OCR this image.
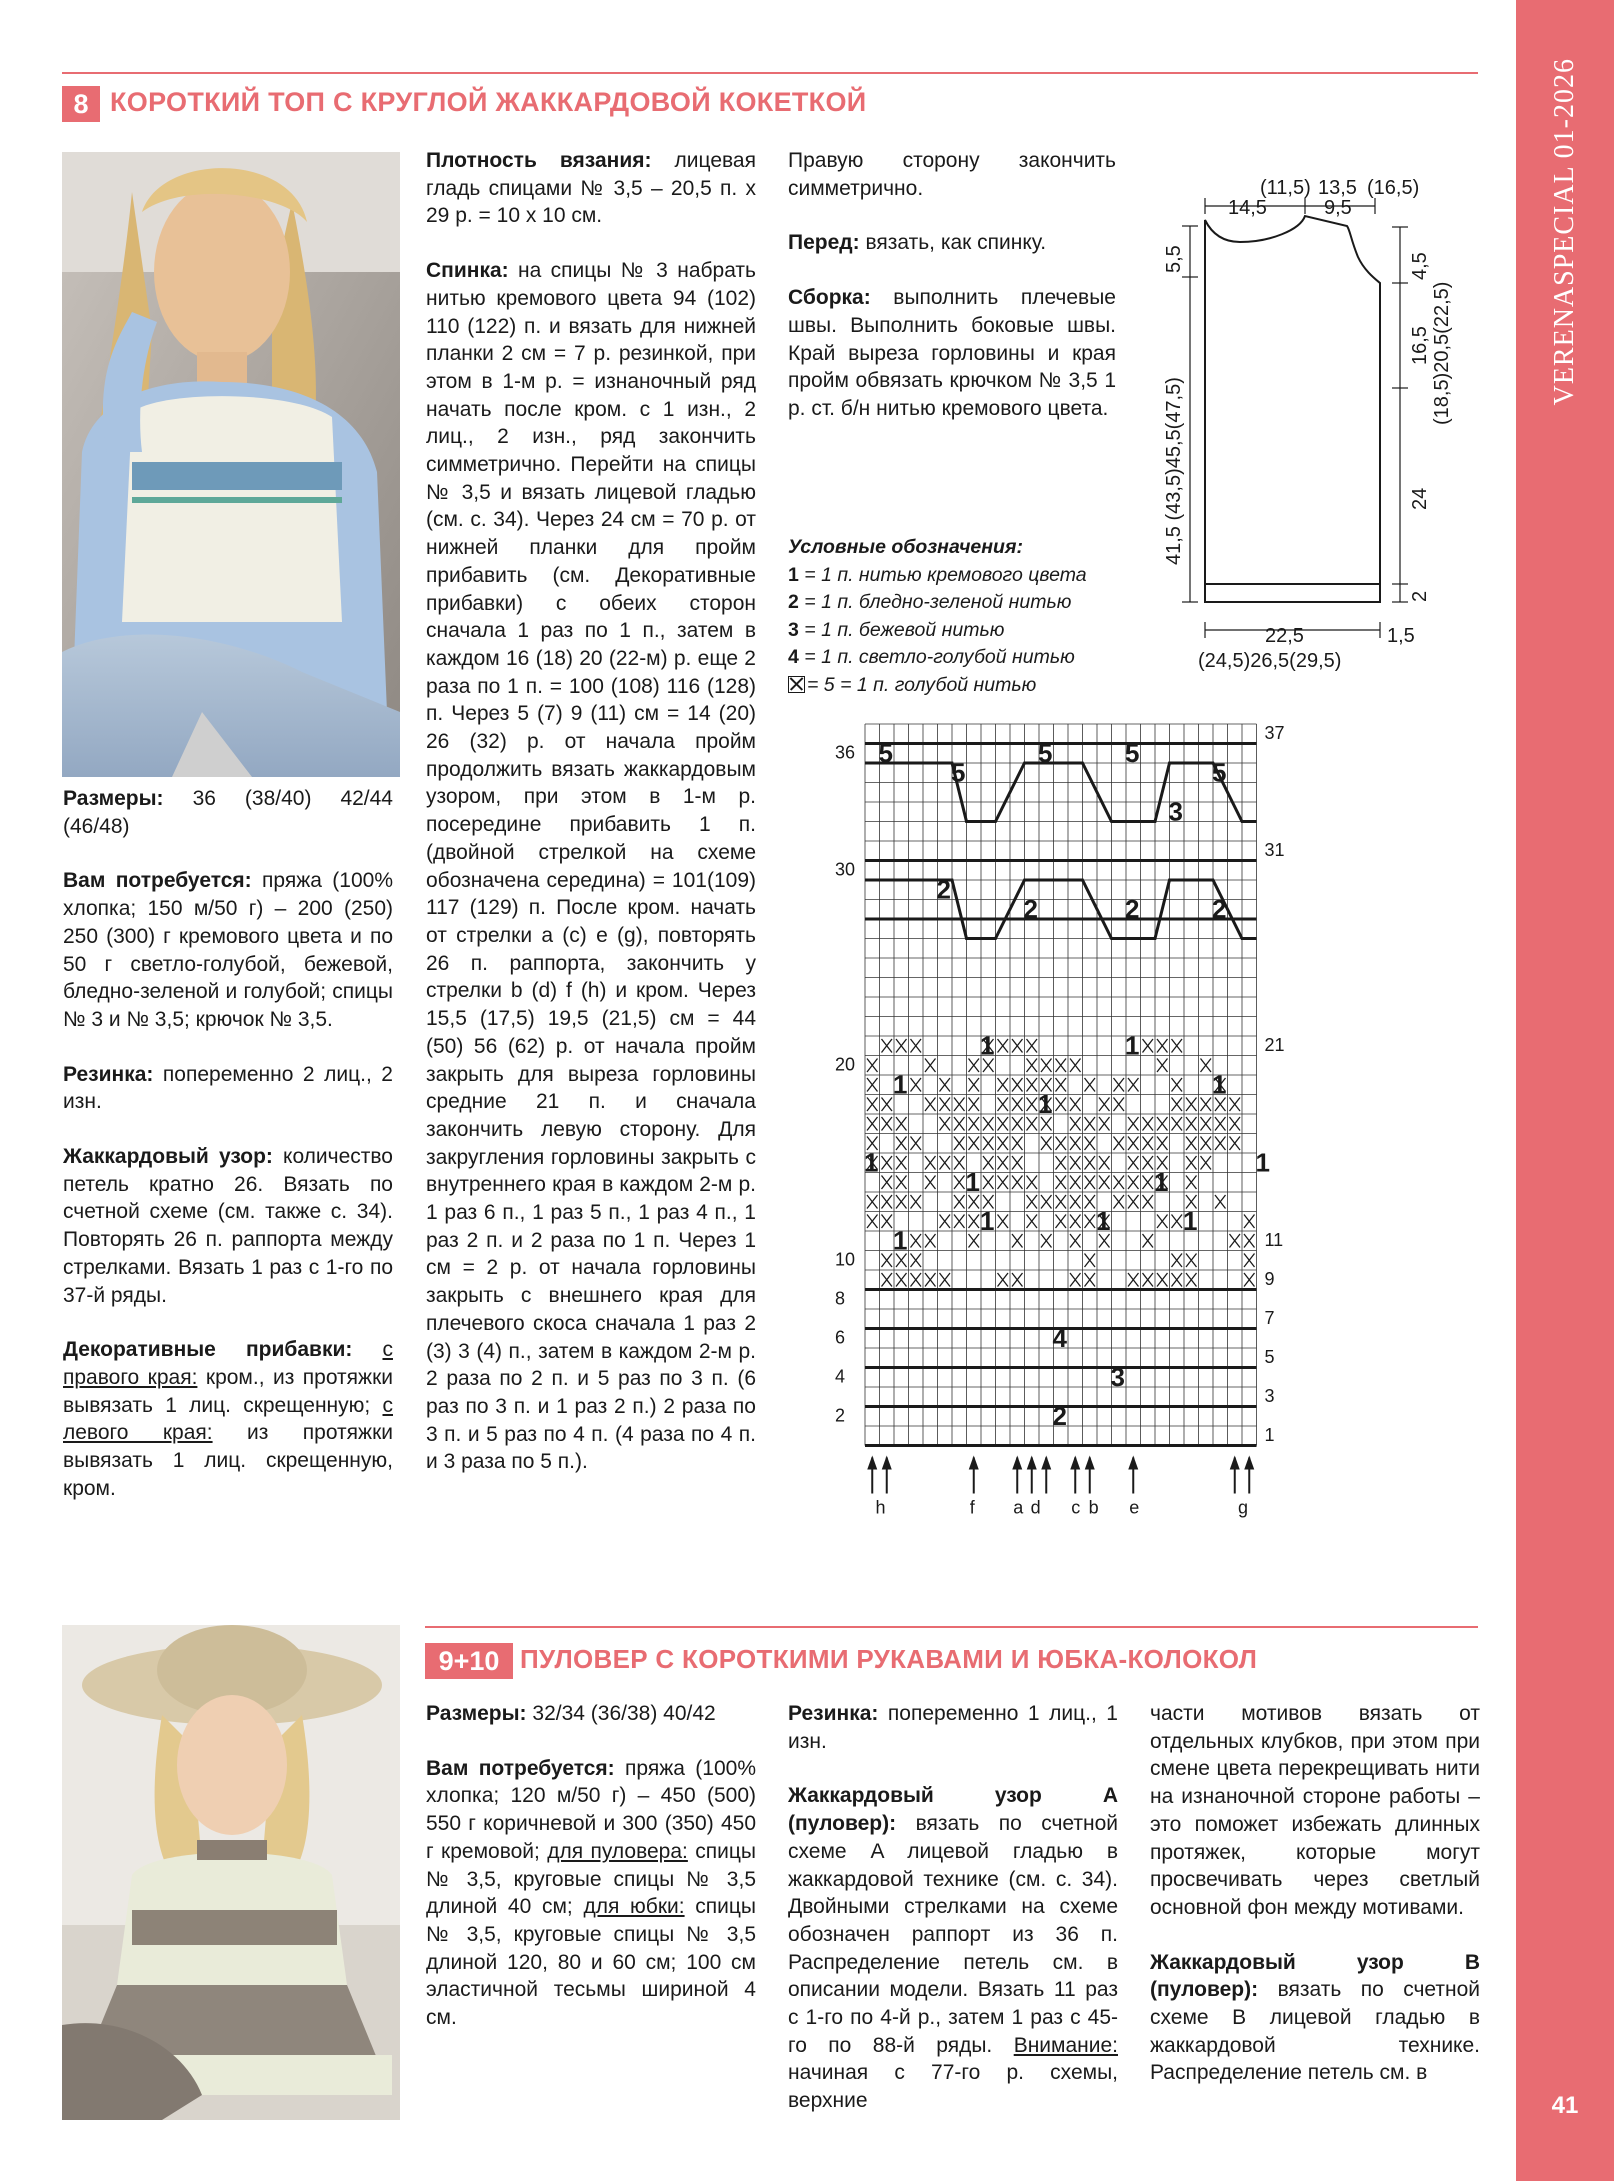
VERENASPECIAL 01-2026
41
8 КОРОТКИЙ ТОП С КРУГЛОЙ ЖАККАРДОВОЙ КОКЕТКОЙ

Размеры: 36 (38/40) 42/44 (46/48)

Вам потребуется: пряжа (100% хлопка; 150 м/50 г) – 200 (250) 250 (300) г кремового цвета и по 50 г светло-голубой, бежевой, бледно-зеленой и голубой; спицы № 3 и № 3,5; крючок № 3,5.

Резинка: попеременно 2 лиц., 2 изн.

Жаккардовый узор: количество петель кратно 26. Вязать по счетной схеме (см. также с. 34). Повторять 26 п. раппорта между стрелками. Вязать 1 раз с 1-го по 37-й ряды.

Декоративные прибавки: с правого края: кром., из протяжки вывязать 1 лиц. скрещенную; с левого края: из протяжки вывязать 1 лиц. скрещенную, кром.

Плотность вязания: лицевая гладь спицами № 3,5 – 20,5 п. x 29 р. = 10 x 10 см.

Спинка: на спицы № 3 набрать нитью кремового цвета 94 (102) 110 (122) п. и вязать для нижней планки 2 см = 7 р. резинкой, при этом в 1-м р. = изнаночный ряд начать после кром. с 1 изн., 2 лиц., 2 изн., ряд закончить симметрично. Перейти на спицы № 3,5 и вязать лицевой гладью (см. с. 34). Через 24 см = 70 р. от нижней планки для пройм прибавить (см. Декоративные прибавки) с обеих сторон сначала 1 раз по 1 п., затем в каждом 16 (18) 20 (22-м) р. еще 2 раза по 1 п. = 100 (108) 116 (128) п. Через 5 (7) 9 (11) см = 14 (20) 26 (32) р. от начала пройм продолжить вязать жаккардовым узором, при этом в 1-м р. посередине прибавить 1 п. (двойной стрелкой на схеме обозначена середина) = 101(109) 117 (129) п. После кром. начать от стрелки a (c) e (g), повторять 26 п. раппорта, закончить у стрелки b (d) f (h) и кром. Через 15,5 (17,5) 19,5 (21,5) см = 44 (50) 56 (62) р. от начала пройм закрыть для выреза горловины средние 21 п. и сначала закончить левую сторону. Для закругления горловины закрыть с внутреннего края в каждом 2-м р. 1 раз 6 п., 1 раз 5 п., 1 раз 4 п., 1 раз 2 п. и 2 раза по 1 п. Через 1 см = 2 р. от начала горловины закрыть с внешнего края для плечевого скоса сначала 1 раз 2 (3) 3 (4) п., затем в каждом 2-м р. 2 раза по 2 п. и 5 раз по 3 п. (6 раз по 3 п. и 1 раз 2 п.) 2 раза по 3 п. и 5 раз по 4 п. (4 раза по 4 п. и 3 раза по 5 п.).

Правую сторону закончить симметрично.

Перед: вязать, как спинку.

Сборка: выполнить плечевые швы. Выполнить боковые швы. Край выреза горловины и края пройм обвязать крючком № 3,5 1 р. ст. б/н нитью кремового цвета.

Условные обозначения:
1 = 1 п. нитью кремового цвета
2 = 1 п. бледно-зеленой нитью
3 = 1 п. бежевой нитью
4 = 1 п. светло-голубой нитью
= 5 = 1 п. голубой нитью
(11,5) 13,5 (16,5)
14,5	9,5
41,5 (43,5)45,5(47,5)
5,5	4,5
16,5 (18,5)20,5(22,5)
24
2
22,5
(24,5)26,5(29,5)
1,5
36
30
20
10
8
6
4
2
37
31
21
11
9
7
5
3
1
5
5
5	5
5
3
2
2	2	2
1	1
1
1
1
1
1	1
1
1
1	1	1
4
3
2
h	f a d c b e	g
9+10 ПУЛОВЕР С КОРОТКИМИ РУКАВАМИ И ЮБКА-КОЛОКОЛ

Размеры: 32/34 (36/38) 40/42

Вам потребуется: пряжа (100% хлопка; 120 м/50 г) – 450 (500) 550 г коричневой и 300 (350) 450 г кремовой; для пуловера: спицы № 3,5, круговые спицы № 3,5 длиной 40 см; для юбки: спицы № 3,5, круговые спицы № 3,5 длиной 120, 80 и 60 см; 100 см эластичной тесьмы шириной 4 см.

Резинка: попеременно 1 лиц., 1 изн.

Жаккардовый узор A (пуловер): вязать по счетной схеме A лицевой гладью в жаккардовой технике (см. с. 34). Двойными стрелками на схеме обозначен раппорт из 36 п. Распределение петель см. в описании модели. Вязать 11 раз с 1-го по 4-й р., затем 1 раз с 45-го по 88-й ряды. Внимание: начиная с 77-го р. схемы, верхние

части мотивов вязать от отдельных клубков, при этом при смене цвета перекрещивать нити на изнаночной стороне работы – это поможет избежать длинных протяжек, которые могут просвечивать через светлый основной фон между мотивами.

Жаккардовый узор B (пуловер): вязать по счетной схеме B лицевой гладью в жаккардовой технике. Распределение петель см. в
